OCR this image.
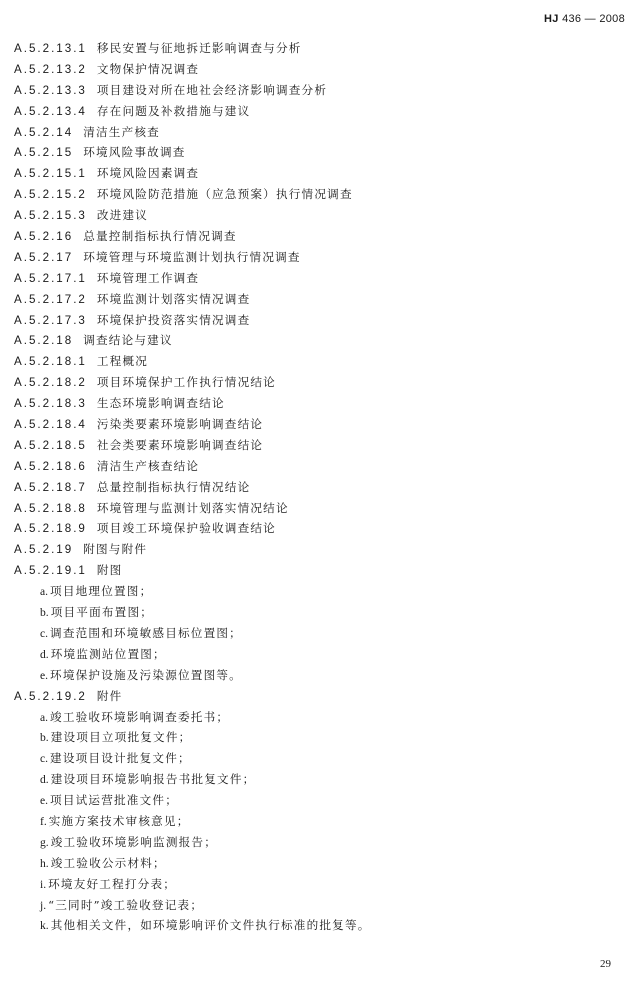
HJ 436 — 2008
A.5.2.13.1 移民安置与征地拆迁影响调查与分析
A.5.2.13.2 文物保护情况调查
A.5.2.13.3 项目建设对所在地社会经济影响调查分析
A.5.2.13.4 存在问题及补救措施与建议
A.5.2.14 清洁生产核查
A.5.2.15 环境风险事故调查
A.5.2.15.1 环境风险因素调查
A.5.2.15.2 环境风险防范措施（应急预案）执行情况调查
A.5.2.15.3 改进建议
A.5.2.16 总量控制指标执行情况调查
A.5.2.17 环境管理与环境监测计划执行情况调查
A.5.2.17.1 环境管理工作调查
A.5.2.17.2 环境监测计划落实情况调查
A.5.2.17.3 环境保护投资落实情况调查
A.5.2.18 调查结论与建议
A.5.2.18.1 工程概况
A.5.2.18.2 项目环境保护工作执行情况结论
A.5.2.18.3 生态环境影响调查结论
A.5.2.18.4 污染类要素环境影响调查结论
A.5.2.18.5 社会类要素环境影响调查结论
A.5.2.18.6 清洁生产核查结论
A.5.2.18.7 总量控制指标执行情况结论
A.5.2.18.8 环境管理与监测计划落实情况结论
A.5.2.18.9 项目竣工环境保护验收调查结论
A.5.2.19 附图与附件
A.5.2.19.1 附图
a. 项目地理位置图；
b. 项目平面布置图；
c. 调查范围和环境敏感目标位置图；
d. 环境监测站位置图；
e. 环境保护设施及污染源位置图等。
A.5.2.19.2 附件
a. 竣工验收环境影响调查委托书；
b. 建设项目立项批复文件；
c. 建设项目设计批复文件；
d. 建设项目环境影响报告书批复文件；
e. 项目试运营批准文件；
f. 实施方案技术审核意见；
g. 竣工验收环境影响监测报告；
h. 竣工验收公示材料；
i. 环境友好工程打分表；
j. “三同时”竣工验收登记表；
k. 其他相关文件，如环境影响评价文件执行标准的批复等。
29
